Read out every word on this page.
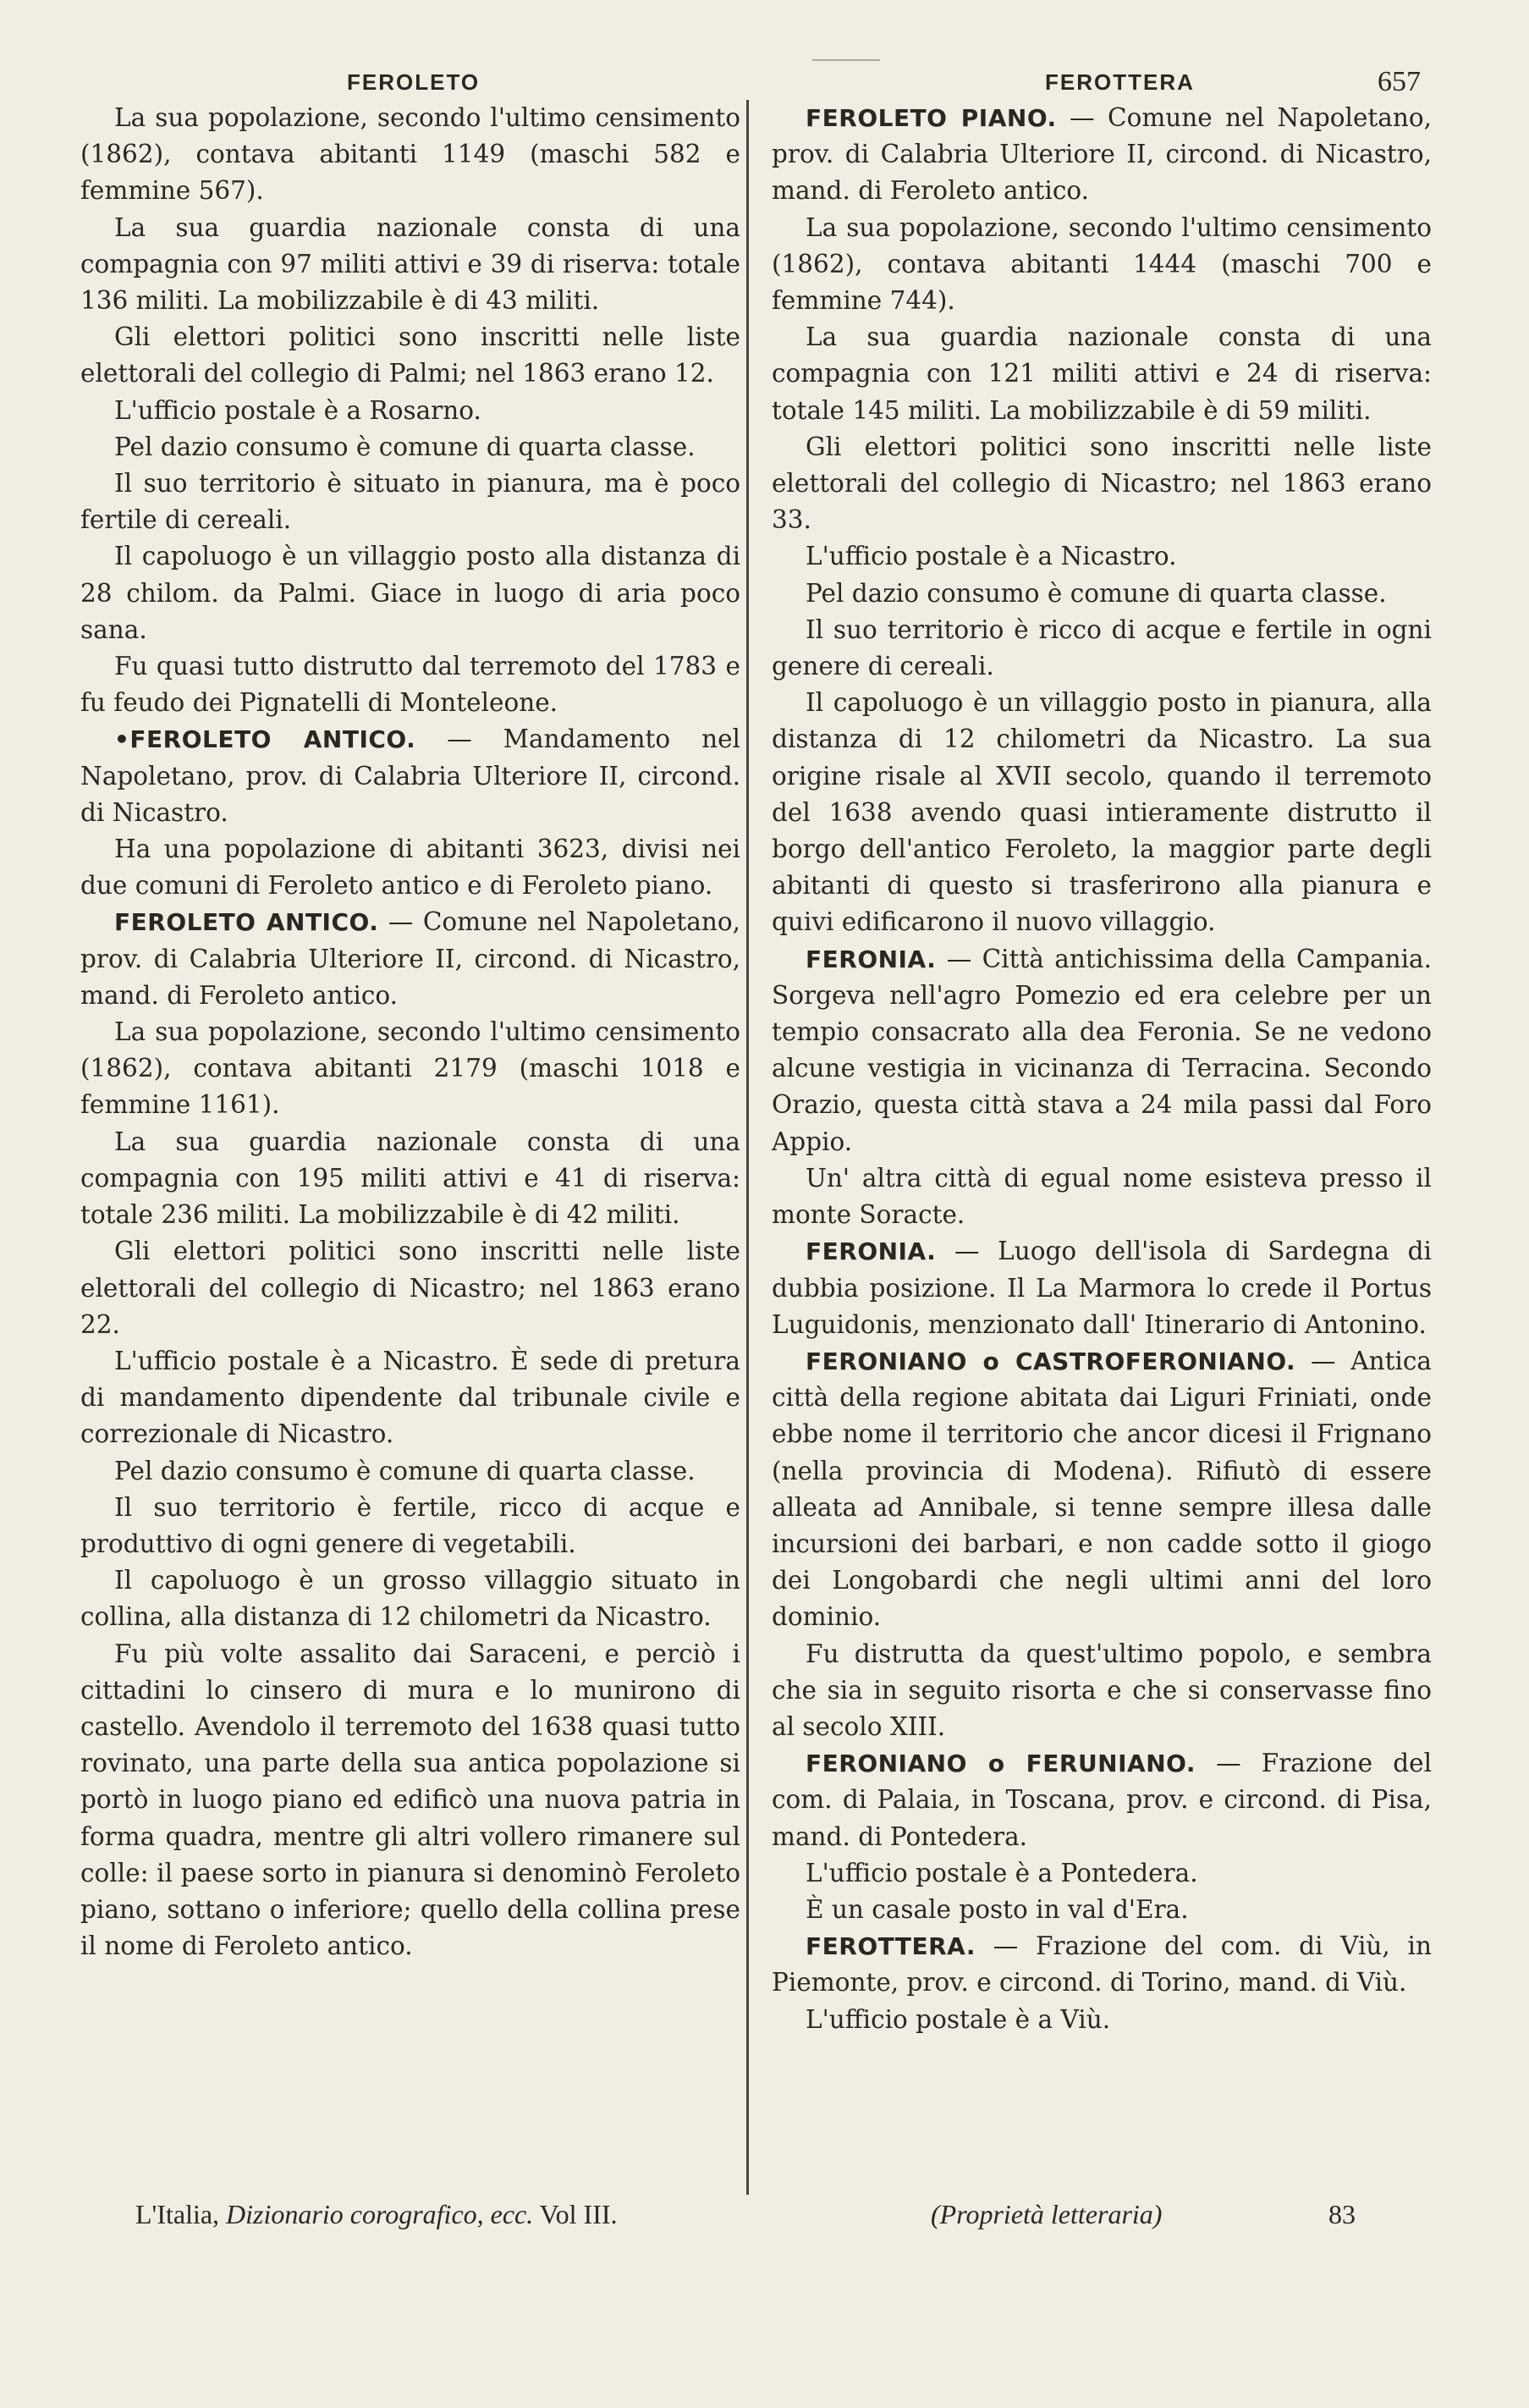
FEROLETO	FEROTTERA	657

La sua popolazione, secondo l'ultimo censimento (1862), contava abitanti 1149 (maschi 582 e femmine 567).

La sua guardia nazionale consta di una compagnia con 97 militi attivi e 39 di riserva: totale 136 militi. La mobilizzabile è di 43 militi.

Gli elettori politici sono inscritti nelle liste elettorali del collegio di Palmi; nel 1863 erano 12.

L'ufficio postale è a Rosarno.

Pel dazio consumo è comune di quarta classe.

Il suo territorio è situato in pianura, ma è poco fertile di cereali.

Il capoluogo è un villaggio posto alla distanza di 28 chilom. da Palmi. Giace in luogo di aria poco sana.

Fu quasi tutto distrutto dal terremoto del 1783 e fu feudo dei Pignatelli di Monteleone.

•FEROLETO ANTICO. — Mandamento nel Napoletano, prov. di Calabria Ulteriore II, circond. di Nicastro.

Ha una popolazione di abitanti 3623, divisi nei due comuni di Feroleto antico e di Feroleto piano.

FEROLETO ANTICO. — Comune nel Napoletano, prov. di Calabria Ulteriore II, circond. di Nicastro, mand. di Feroleto antico.

La sua popolazione, secondo l'ultimo censimento (1862), contava abitanti 2179 (maschi 1018 e femmine 1161).

La sua guardia nazionale consta di una compagnia con 195 militi attivi e 41 di riserva: totale 236 militi. La mobilizzabile è di 42 militi.

Gli elettori politici sono inscritti nelle liste elettorali del collegio di Nicastro; nel 1863 erano 22.

L'ufficio postale è a Nicastro. È sede di pretura di mandamento dipendente dal tribunale civile e correzionale di Nicastro.

Pel dazio consumo è comune di quarta classe.

Il suo territorio è fertile, ricco di acque e produttivo di ogni genere di vegetabili.

Il capoluogo è un grosso villaggio situato in collina, alla distanza di 12 chilometri da Nicastro.

Fu più volte assalito dai Saraceni, e perciò i cittadini lo cinsero di mura e lo munirono di castello. Avendolo il terremoto del 1638 quasi tutto rovinato, una parte della sua antica popolazione si portò in luogo piano ed edificò una nuova patria in forma quadra, mentre gli altri vollero rimanere sul colle: il paese sorto in pianura si denominò Feroleto piano, sottano o inferiore; quello della collina prese il nome di Feroleto antico.

FEROLETO PIANO. — Comune nel Napoletano, prov. di Calabria Ulteriore II, circond. di Nicastro, mand. di Feroleto antico.

La sua popolazione, secondo l'ultimo censimento (1862), contava abitanti 1444 (maschi 700 e femmine 744).

La sua guardia nazionale consta di una compagnia con 121 militi attivi e 24 di riserva: totale 145 militi. La mobilizzabile è di 59 militi.

Gli elettori politici sono inscritti nelle liste elettorali del collegio di Nicastro; nel 1863 erano 33.

L'ufficio postale è a Nicastro.

Pel dazio consumo è comune di quarta classe.

Il suo territorio è ricco di acque e fertile in ogni genere di cereali.

Il capoluogo è un villaggio posto in pianura, alla distanza di 12 chilometri da Nicastro. La sua origine risale al XVII secolo, quando il terremoto del 1638 avendo quasi intieramente distrutto il borgo dell'antico Feroleto, la maggior parte degli abitanti di questo si trasferirono alla pianura e quivi edificarono il nuovo villaggio.

FERONIA. — Città antichissima della Campania. Sorgeva nell'agro Pomezio ed era celebre per un tempio consacrato alla dea Feronia. Se ne vedono alcune vestigia in vicinanza di Terracina. Secondo Orazio, questa città stava a 24 mila passi dal Foro Appio.

Un' altra città di egual nome esisteva presso il monte Soracte.

FERONIA. — Luogo dell'isola di Sardegna di dubbia posizione. Il La Marmora lo crede il Portus Luguidonis, menzionato dall' Itinerario di Antonino.

FERONIANO o CASTROFERONIANO. — Antica città della regione abitata dai Liguri Friniati, onde ebbe nome il territorio che ancor dicesi il Frignano (nella provincia di Modena). Rifiutò di essere alleata ad Annibale, si tenne sempre illesa dalle incursioni dei barbari, e non cadde sotto il giogo dei Longobardi che negli ultimi anni del loro dominio.

Fu distrutta da quest'ultimo popolo, e sembra che sia in seguito risorta e che si conservasse fino al secolo XIII.

FERONIANO o FERUNIANO. — Frazione del com. di Palaia, in Toscana, prov. e circond. di Pisa, mand. di Pontedera.

L'ufficio postale è a Pontedera.

È un casale posto in val d'Era.

FEROTTERA. — Frazione del com. di Viù, in Piemonte, prov. e circond. di Torino, mand. di Viù.

L'ufficio postale è a Viù.

L'Italia, Dizionario corografico, ecc. Vol III.	(Proprietà letteraria)	83
